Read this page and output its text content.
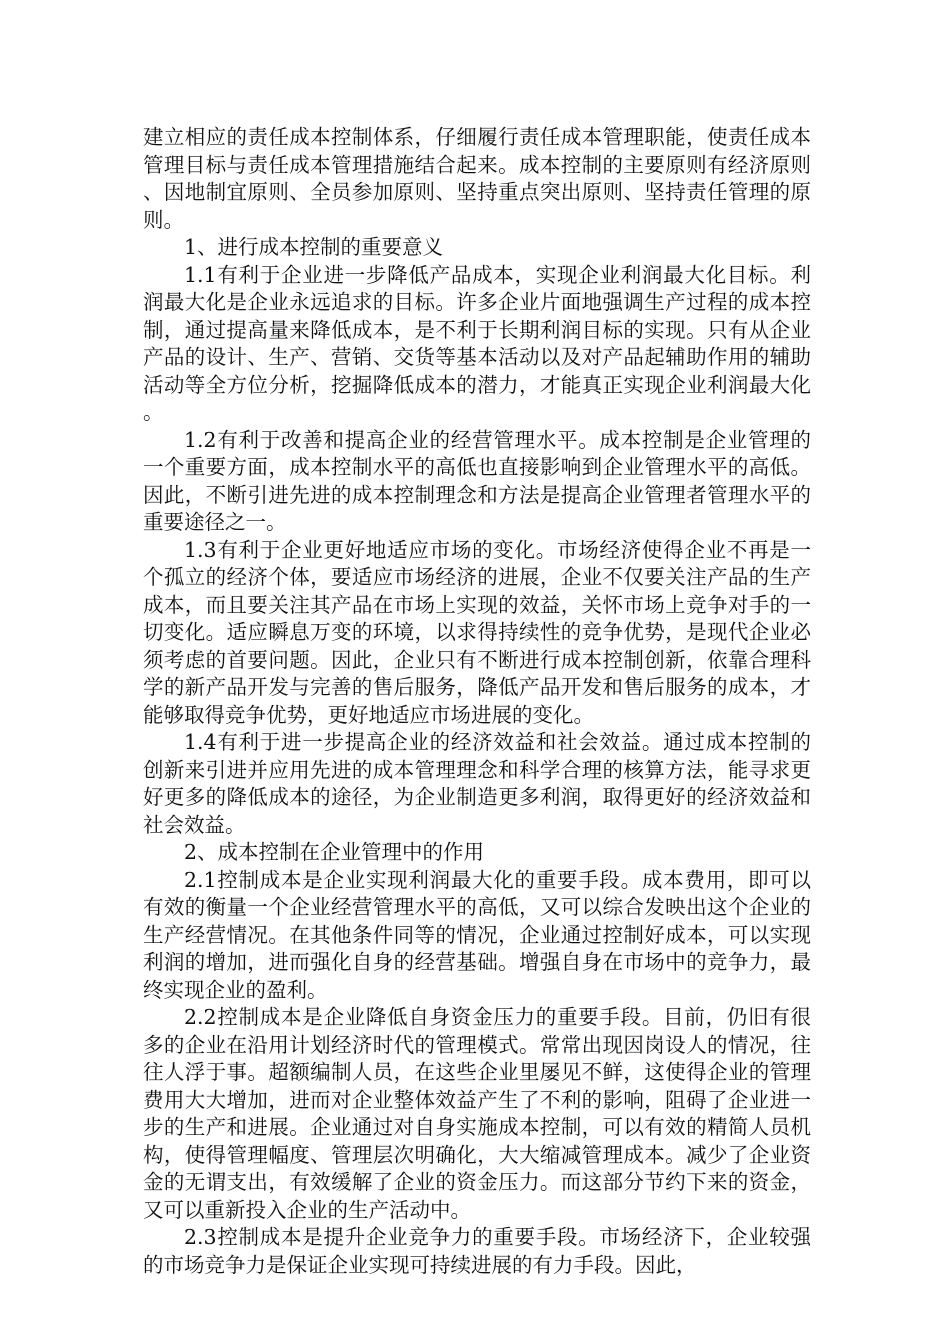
建立相应的责任成本控制体系，仔细履行责任成本管理职能，使责任成本管理目标与责任成本管理措施结合起来。成本控制的主要原则有经济原则、因地制宜原则、全员参加原则、坚持重点突出原则、坚持责任管理的原则。

1、进行成本控制的重要意义

1.1有利于企业进一步降低产品成本，实现企业利润最大化目标。利润最大化是企业永远追求的目标。许多企业片面地强调生产过程的成本控制，通过提高量来降低成本，是不利于长期利润目标的实现。只有从企业产品的设计、生产、营销、交货等基本活动以及对产品起辅助作用的辅助活动等全方位分析，挖掘降低成本的潜力，才能真正实现企业利润最大化。

1.2有利于改善和提高企业的经营管理水平。成本控制是企业管理的一个重要方面，成本控制水平的高低也直接影响到企业管理水平的高低。因此，不断引进先进的成本控制理念和方法是提高企业管理者管理水平的重要途径之一。

1.3有利于企业更好地适应市场的变化。市场经济使得企业不再是一个孤立的经济个体，要适应市场经济的进展，企业不仅要关注产品的生产成本，而且要关注其产品在市场上实现的效益，关怀市场上竞争对手的一切变化。适应瞬息万变的环境，以求得持续性的竞争优势，是现代企业必须考虑的首要问题。因此，企业只有不断进行成本控制创新，依靠合理科学的新产品开发与完善的售后服务，降低产品开发和售后服务的成本，才能够取得竞争优势，更好地适应市场进展的变化。

1.4有利于进一步提高企业的经济效益和社会效益。通过成本控制的创新来引进并应用先进的成本管理理念和科学合理的核算方法，能寻求更好更多的降低成本的途径，为企业制造更多利润，取得更好的经济效益和社会效益。

2、成本控制在企业管理中的作用

2.1控制成本是企业实现利润最大化的重要手段。成本费用，即可以有效的衡量一个企业经营管理水平的高低，又可以综合发映出这个企业的生产经营情况。在其他条件同等的情况，企业通过控制好成本，可以实现利润的增加，进而强化自身的经营基础。增强自身在市场中的竞争力，最终实现企业的盈利。

2.2控制成本是企业降低自身资金压力的重要手段。目前，仍旧有很多的企业在沿用计划经济时代的管理模式。常常出现因岗设人的情况，往往人浮于事。超额编制人员，在这些企业里屡见不鲜，这使得企业的管理费用大大增加，进而对企业整体效益产生了不利的影响，阻碍了企业进一步的生产和进展。企业通过对自身实施成本控制，可以有效的精简人员机构，使得管理幅度、管理层次明确化，大大缩减管理成本。减少了企业资金的无谓支出，有效缓解了企业的资金压力。而这部分节约下来的资金，又可以重新投入企业的生产活动中。

2.3控制成本是提升企业竞争力的重要手段。市场经济下，企业较强的市场竞争力是保证企业实现可持续进展的有力手段。因此，
